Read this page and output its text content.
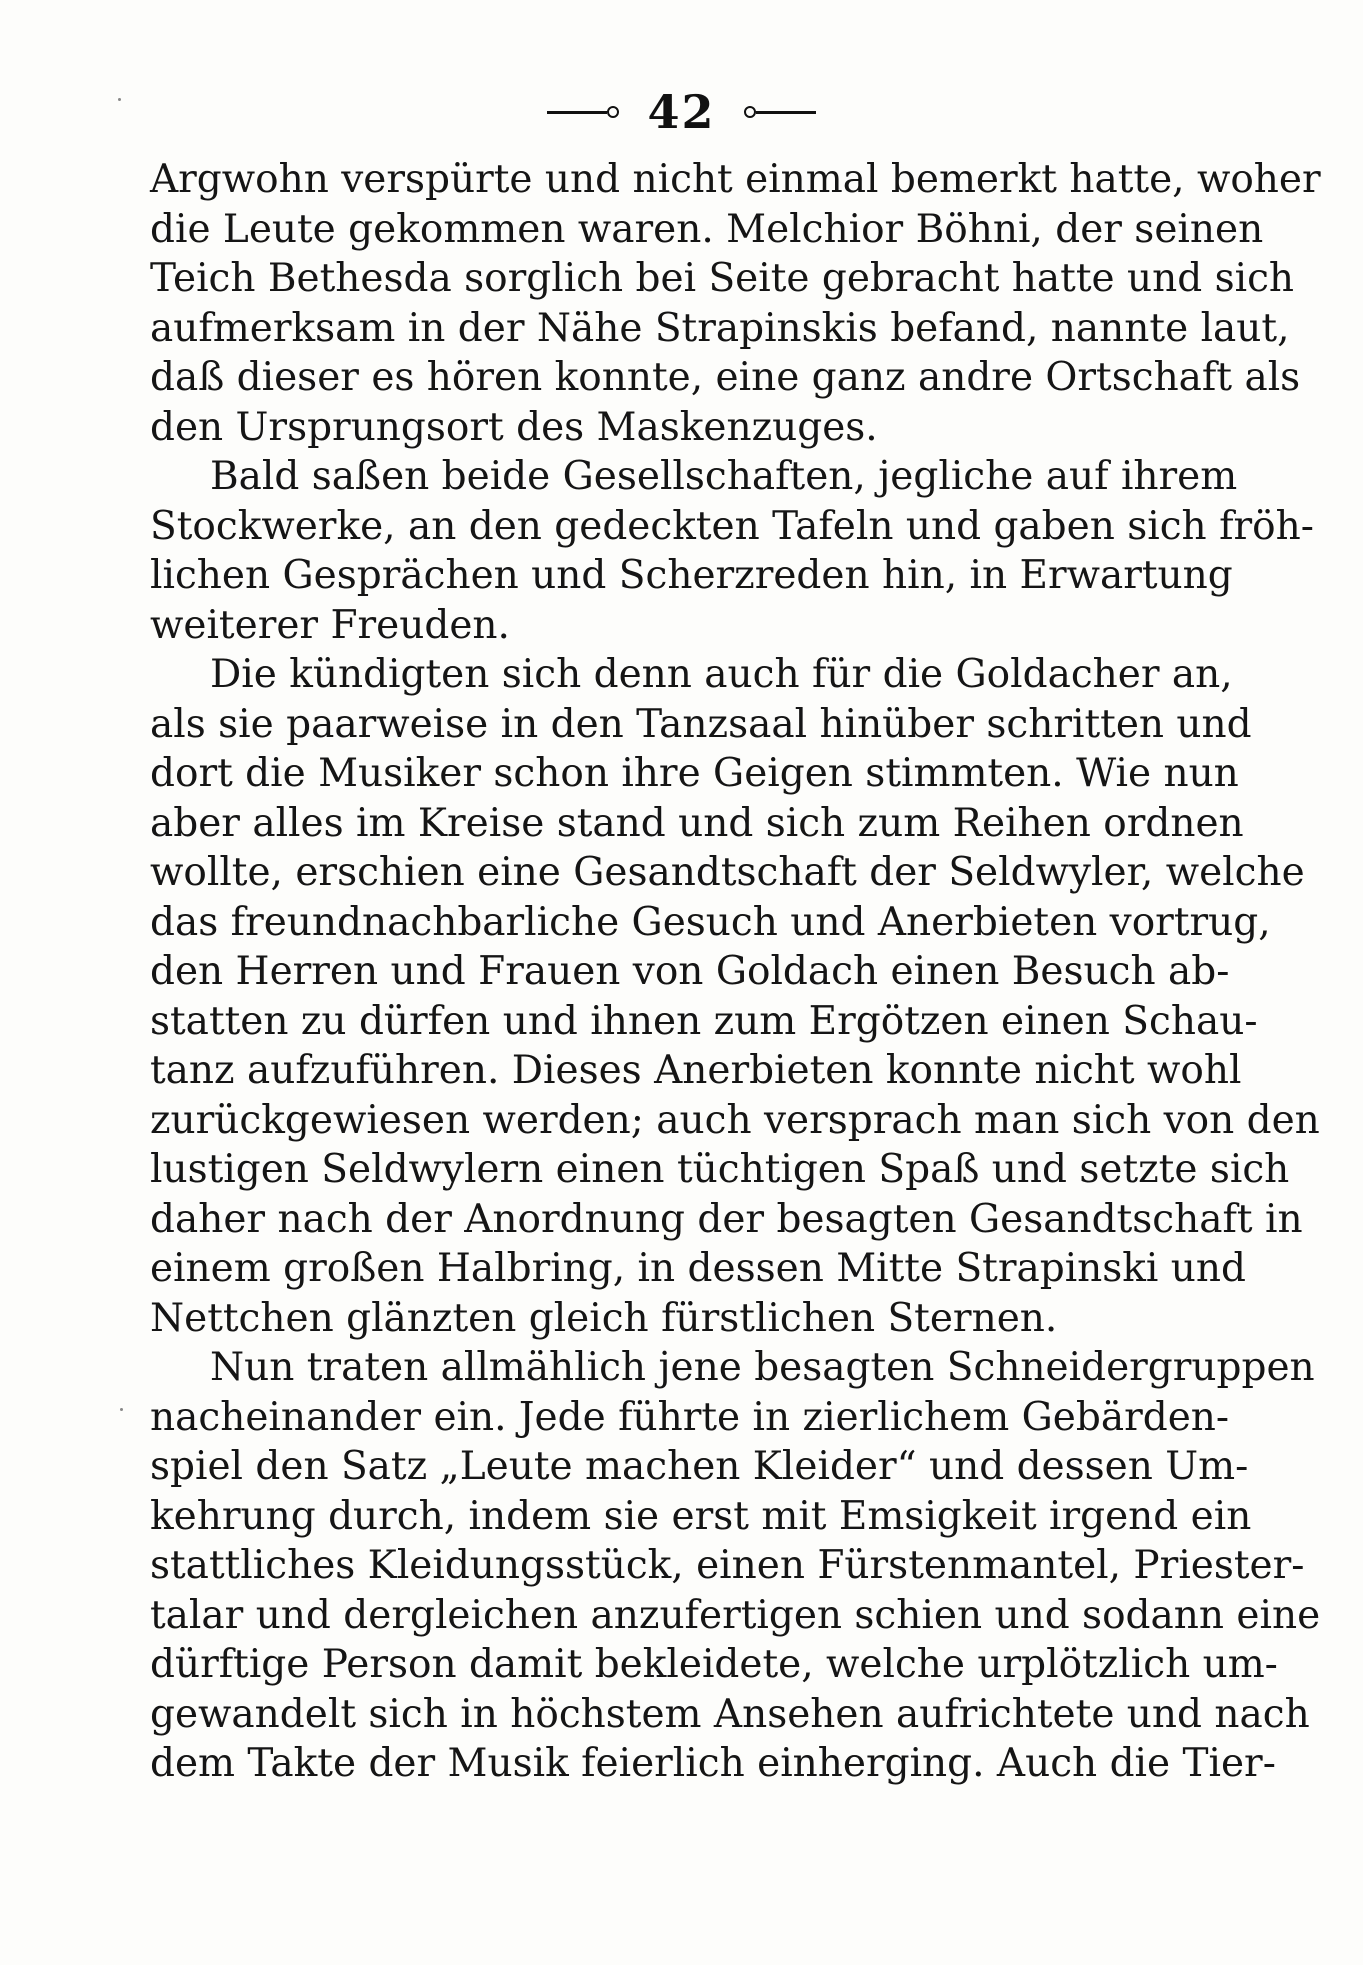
42
Argwohn verspürte und nicht einmal bemerkt hatte, woher
die Leute gekommen waren. Melchior Böhni, der seinen
Teich Bethesda sorglich bei Seite gebracht hatte und sich
aufmerksam in der Nähe Strapinskis befand, nannte laut,
daß dieser es hören konnte, eine ganz andre Ortschaft als
den Ursprungsort des Maskenzuges.
Bald saßen beide Gesellschaften, jegliche auf ihrem
Stockwerke, an den gedeckten Tafeln und gaben sich fröh-
lichen Gesprächen und Scherzreden hin, in Erwartung
weiterer Freuden.
Die kündigten sich denn auch für die Goldacher an,
als sie paarweise in den Tanzsaal hinüber schritten und
dort die Musiker schon ihre Geigen stimmten. Wie nun
aber alles im Kreise stand und sich zum Reihen ordnen
wollte, erschien eine Gesandtschaft der Seldwyler, welche
das freundnachbarliche Gesuch und Anerbieten vortrug,
den Herren und Frauen von Goldach einen Besuch ab-
statten zu dürfen und ihnen zum Ergötzen einen Schau-
tanz aufzuführen. Dieses Anerbieten konnte nicht wohl
zurückgewiesen werden; auch versprach man sich von den
lustigen Seldwylern einen tüchtigen Spaß und setzte sich
daher nach der Anordnung der besagten Gesandtschaft in
einem großen Halbring, in dessen Mitte Strapinski und
Nettchen glänzten gleich fürstlichen Sternen.
Nun traten allmählich jene besagten Schneidergruppen
nacheinander ein. Jede führte in zierlichem Gebärden-
spiel den Satz „Leute machen Kleider“ und dessen Um-
kehrung durch, indem sie erst mit Emsigkeit irgend ein
stattliches Kleidungsstück, einen Fürstenmantel, Priester-
talar und dergleichen anzufertigen schien und sodann eine
dürftige Person damit bekleidete, welche urplötzlich um-
gewandelt sich in höchstem Ansehen aufrichtete und nach
dem Takte der Musik feierlich einherging. Auch die Tier-
